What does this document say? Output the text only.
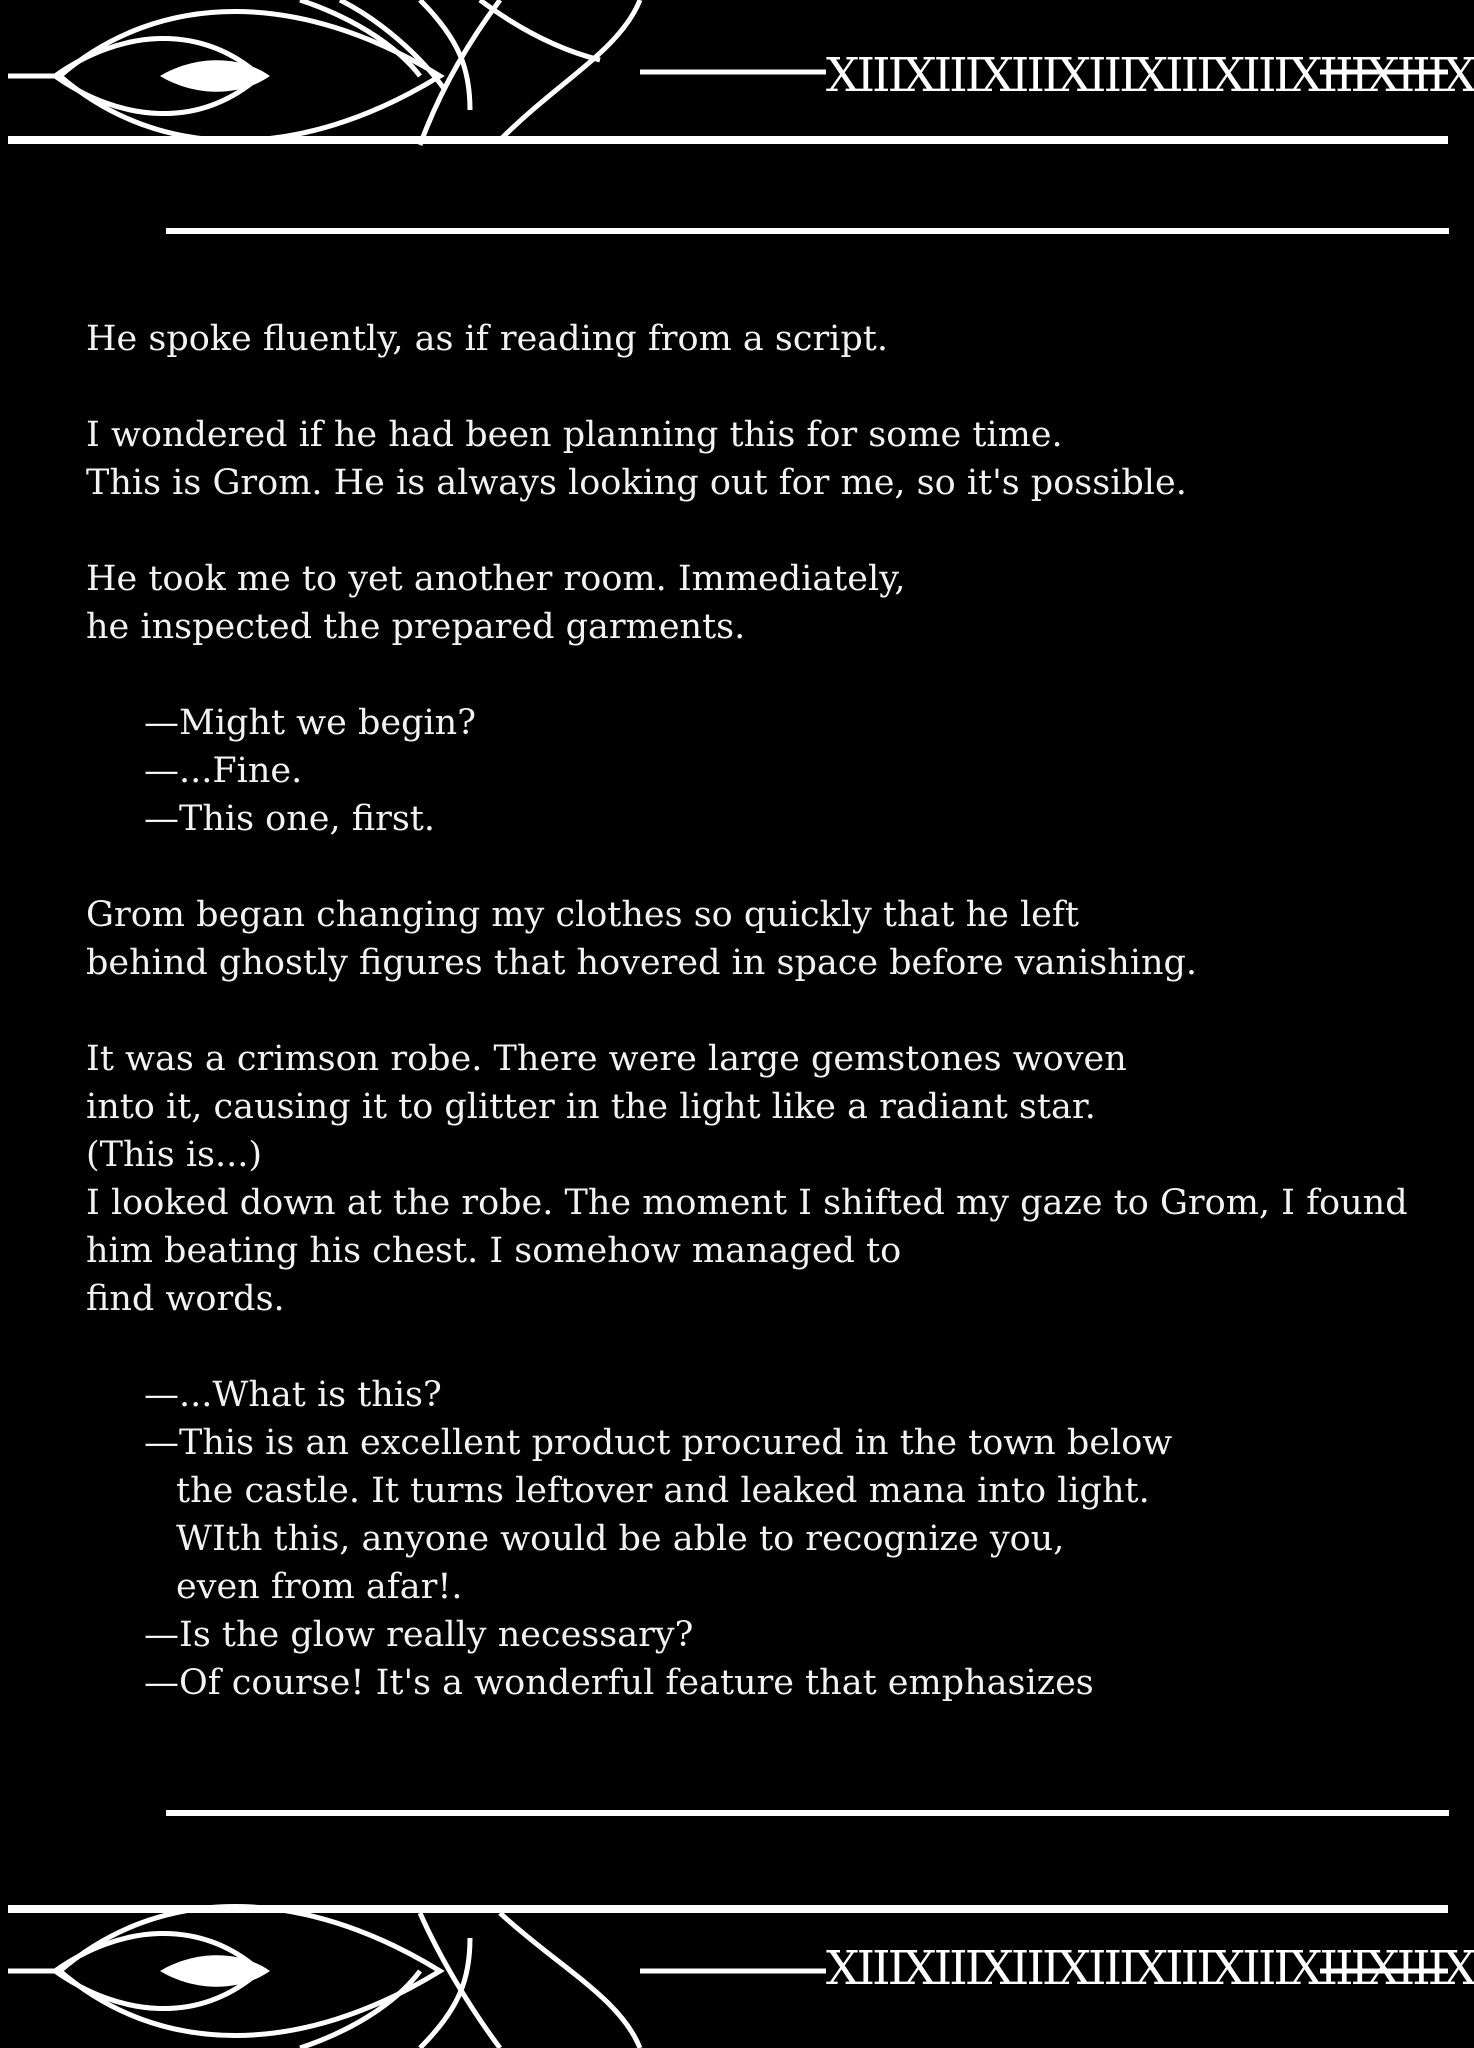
XIIIXIIIXIIIXIIIXIIIXIIIXIIIXIIIX
He spoke fluently, as if reading from a script.
I wondered if he had been planning this for some time.
This is Grom. He is always looking out for me, so it's possible.
He took me to yet another room. Immediately,
he inspected the prepared garments.
—Might we begin?
—...Fine.
—This one, first.
Grom began changing my clothes so quickly that he left
behind ghostly figures that hovered in space before vanishing.
It was a crimson robe. There were large gemstones woven
into it, causing it to glitter in the light like a radiant star.
(This is...)
I looked down at the robe. The moment I shifted my gaze to Grom, I found
him beating his chest. I somehow managed to
find words.
—...What is this?
—This is an excellent product procured in the town below
the castle. It turns leftover and leaked mana into light.
WIth this, anyone would be able to recognize you,
even from afar!.
—Is the glow really necessary?
—Of course! It's a wonderful feature that emphasizes
XIIIXIIIXIIIXIIIXIIIXIIIXIIIXIIIX
